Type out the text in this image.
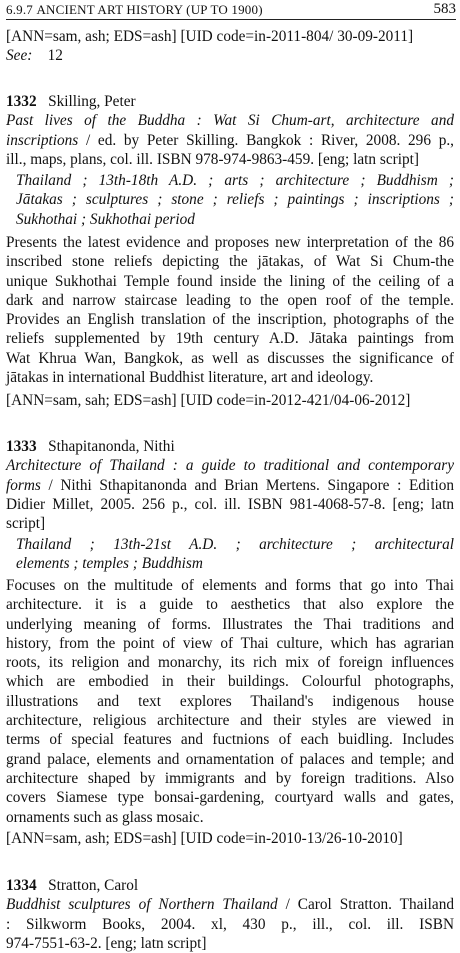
6.9.7 ANCIENT ART HISTORY (UP TO 1900)	583
[ANN=sam, ash; EDS=ash] [UID code=in-2011-804/ 30-09-2011]
See: 12
1332 Skilling, Peter
Past lives of the Buddha : Wat Si Chum-art, architecture and
inscriptions / ed. by Peter Skilling. Bangkok : River, 2008. 296 p.,
ill., maps, plans, col. ill. ISBN 978-974-9863-459. [eng; latn script]
Thailand ; 13th-18th A.D. ; arts ; architecture ; Buddhism ;
Jātakas ; sculptures ; stone ; reliefs ; paintings ; inscriptions ;
Sukhothai ; Sukhothai period
Presents the latest evidence and proposes new interpretation of the 86
inscribed stone reliefs depicting the jātakas, of Wat Si Chum-the
unique Sukhothai Temple found inside the lining of the ceiling of a
dark and narrow staircase leading to the open roof of the temple.
Provides an English translation of the inscription, photographs of the
reliefs supplemented by 19th century A.D. Jātaka paintings from
Wat Khrua Wan, Bangkok, as well as discusses the significance of
jātakas in international Buddhist literature, art and ideology.
[ANN=sam, sah; EDS=ash] [UID code=in-2012-421/04-06-2012]
1333 Sthapitanonda, Nithi
Architecture of Thailand : a guide to traditional and contemporary
forms / Nithi Sthapitanonda and Brian Mertens. Singapore : Edition
Didier Millet, 2005. 256 p., col. ill. ISBN 981-4068-57-8. [eng; latn
script]
Thailand ; 13th-21st A.D. ; architecture ; architectural
elements ; temples ; Buddhism
Focuses on the multitude of elements and forms that go into Thai
architecture. it is a guide to aesthetics that also explore the
underlying meaning of forms. Illustrates the Thai traditions and
history, from the point of view of Thai culture, which has agrarian
roots, its religion and monarchy, its rich mix of foreign influences
which are embodied in their buildings. Colourful photographs,
illustrations and text explores Thailand's indigenous house
architecture, religious architecture and their styles are viewed in
terms of special features and fuctnions of each buidling. Includes
grand palace, elements and ornamentation of palaces and temple; and
architecture shaped by immigrants and by foreign traditions. Also
covers Siamese type bonsai-gardening, courtyard walls and gates,
ornaments such as glass mosaic.
[ANN=sam, ash; EDS=ash] [UID code=in-2010-13/26-10-2010]
1334 Stratton, Carol
Buddhist sculptures of Northern Thailand / Carol Stratton. Thailand
: Silkworm Books, 2004. xl, 430 p., ill., col. ill. ISBN
974-7551-63-2. [eng; latn script]
